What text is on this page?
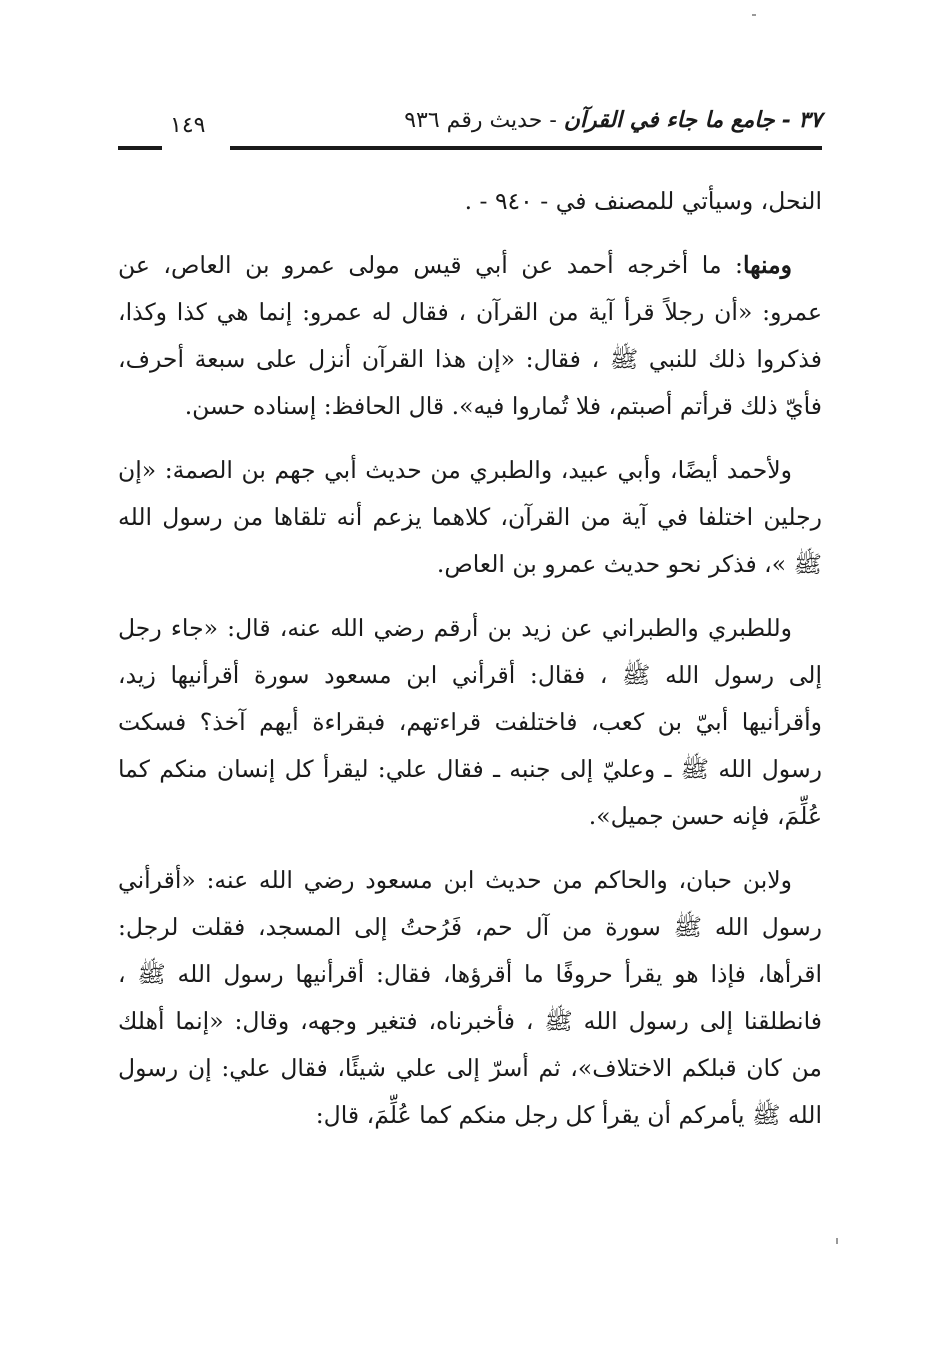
٣٧ - جامع ما جاء في القرآن - حديث رقم ٩٣٦
١٤٩

النحل، وسيأتي للمصنف في - ٩٤٠ - .

ومنها: ما أخرجه أحمد عن أبي قيس مولى عمرو بن العاص، عن عمرو: «أن رجلاً قرأ آية من القرآن ، فقال له عمرو: إنما هي كذا وكذا، فذكروا ذلك للنبي ﷺ ، فقال: «إن هذا القرآن أنزل على سبعة أحرف، فأيّ ذلك قرأتم أصبتم، فلا تُماروا فيه». قال الحافظ: إسناده حسن.

ولأحمد أيضًا، وأبي عبيد، والطبري من حديث أبي جهم بن الصمة: «إن رجلين اختلفا في آية من القرآن، كلاهما يزعم أنه تلقاها من رسول الله ﷺ »، فذكر نحو حديث عمرو بن العاص.

وللطبري والطبراني عن زيد بن أرقم رضي الله عنه، قال: «جاء رجل إلى رسول الله ﷺ ، فقال: أقرأني ابن مسعود سورة أقرأنيها زيد، وأقرأنيها أبيّ بن كعب، فاختلفت قراءتهم، فبقراءة أيهم آخذ؟ فسكت رسول الله ﷺ ـ وعليّ إلى جنبه ـ فقال علي: ليقرأ كل إنسان منكم كما عُلِّمَ، فإنه حسن جميل».

ولابن حبان، والحاكم من حديث ابن مسعود رضي الله عنه: «أقرأني رسول الله ﷺ سورة من آل حم، فَرُحتُ إلى المسجد، فقلت لرجل: اقرأها، فإذا هو يقرأ حروفًا ما أقرؤها، فقال: أقرأنيها رسول الله ﷺ ، فانطلقنا إلى رسول الله ﷺ ، فأخبرناه، فتغير وجهه، وقال: «إنما أهلك من كان قبلكم الاختلاف»، ثم أسرّ إلى علي شيئًا، فقال علي: إن رسول الله ﷺ يأمركم أن يقرأ كل رجل منكم كما عُلِّمَ، قال:
